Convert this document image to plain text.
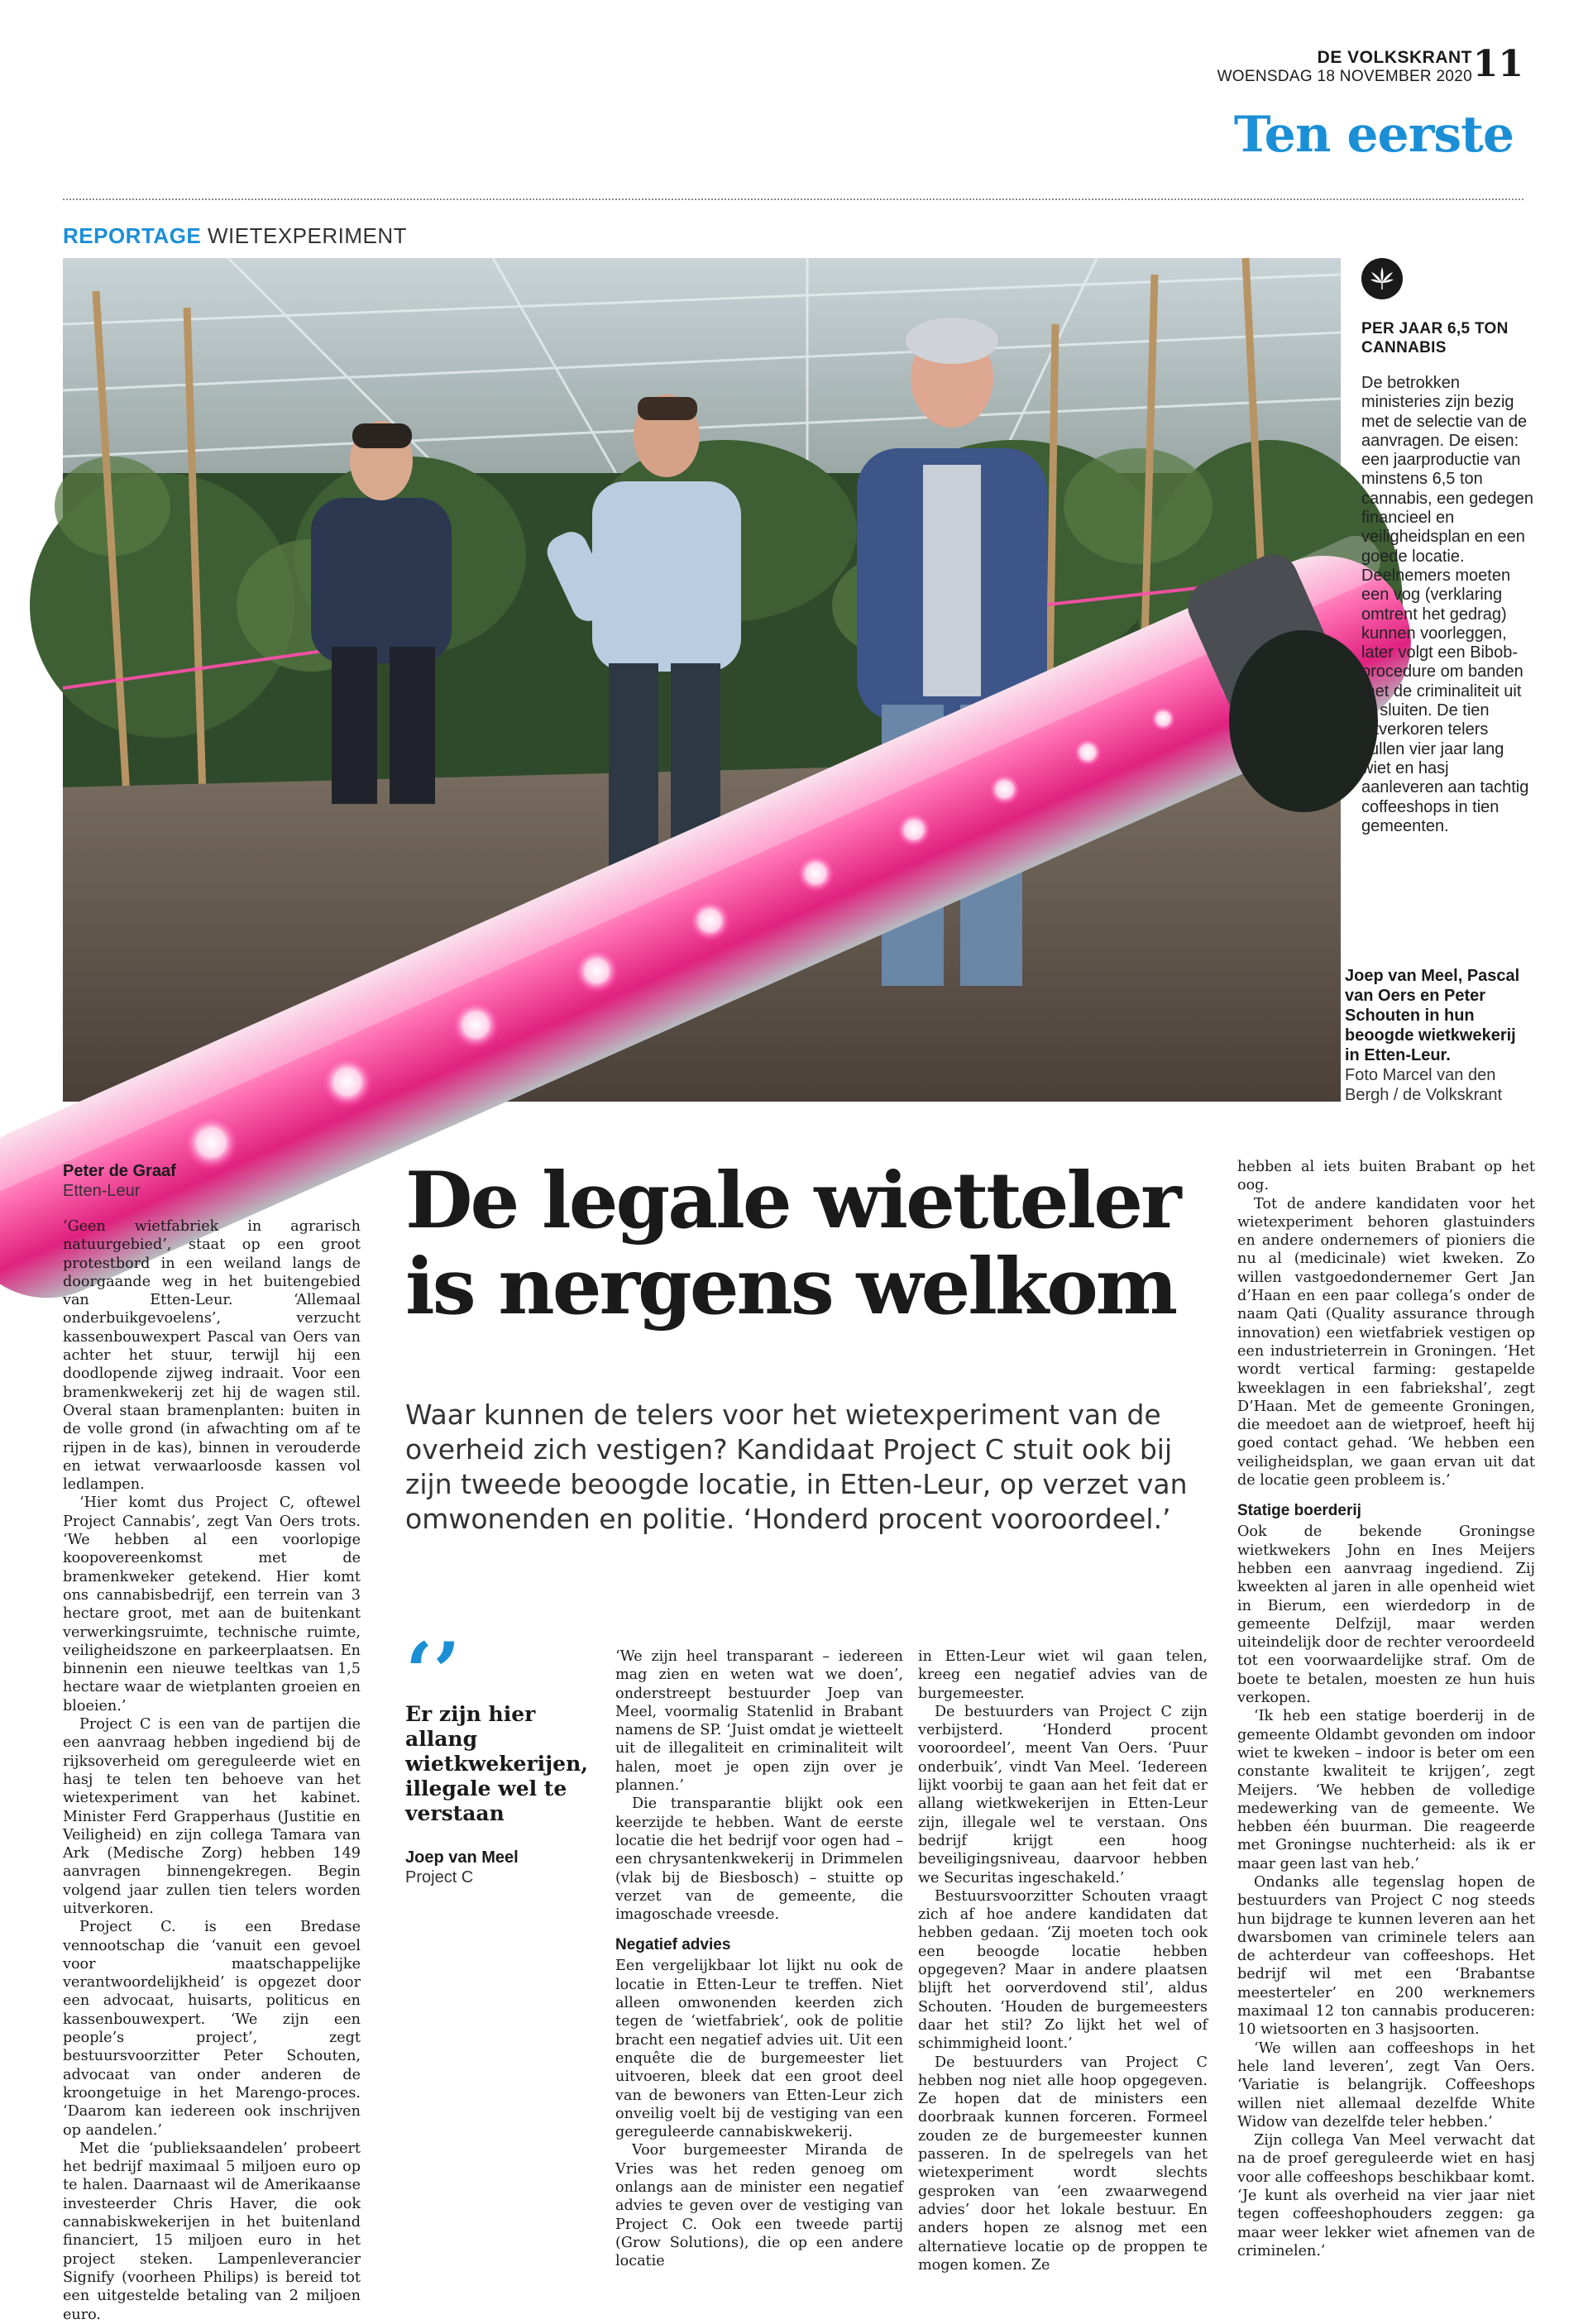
DE VOLKSKRANT
WOENSDAG 18 NOVEMBER 2020 11
Ten eerste
REPORTAGE WIETEXPERIMENT
PER JAAR 6,5 TON CANNABIS
De betrokken ministeries zijn bezig met de selectie van de aanvragen. De eisen: een jaarproductie van minstens 6,5 ton cannabis, een gedegen financieel en veiligheidsplan en een goede locatie. Deelnemers moeten een vog (verklaring omtrent het gedrag) kunnen voorleggen, later volgt een Bibob-procedure om banden met de criminaliteit uit te sluiten. De tien uitverkoren telers zullen vier jaar lang wiet en hasj aanleveren aan tachtig coffeeshops in tien gemeenten.
Joep van Meel, Pascal van Oers en Peter Schouten in hun beoogde wietkwekerij in Etten-Leur.
Foto Marcel van den Bergh / de Volkskrant
Peter de Graaf
Etten-Leur	De legale wietteler is nergens welkom
Waar kunnen de telers voor het wietexperiment van de overheid zich vestigen? Kandidaat Project C stuit ook bij zijn tweede beoogde locatie, in Etten-Leur, op verzet van omwonenden en politie. ‘Honderd procent vooroordeel.’

‘Geen wietfabriek in agrarisch natuurgebied’, staat op een groot protestbord in een weiland langs de doorgaande weg in het buitengebied van Etten-Leur. ‘Allemaal onderbuikgevoelens’, verzucht kassenbouwexpert Pascal van Oers van achter het stuur, terwijl hij een doodlopende zijweg indraait. Voor een bramenkwekerij zet hij de wagen stil. Overal staan bramenplanten: buiten in de volle grond (in afwachting om af te rijpen in de kas), binnen in verouderde en ietwat verwaarloosde kassen vol ledlampen.

‘Hier komt dus Project C, oftewel Project Cannabis’, zegt Van Oers trots. ‘We hebben al een voorlopige koopovereenkomst met de bramenkweker getekend. Hier komt ons cannabisbedrijf, een terrein van 3 hectare groot, met aan de buitenkant verwerkingsruimte, technische ruimte, veiligheidszone en parkeerplaatsen. En binnenin een nieuwe teeltkas van 1,5 hectare waar de wietplanten groeien en bloeien.’

Project C is een van de partijen die een aanvraag hebben ingediend bij de rijksoverheid om gereguleerde wiet en hasj te telen ten behoeve van het wietexperiment van het kabinet. Minister Ferd Grapperhaus (Justitie en Veiligheid) en zijn collega Tamara van Ark (Medische Zorg) hebben 149 aanvragen binnengekregen. Begin volgend jaar zullen tien telers worden uitverkoren.

Project C. is een Bredase vennootschap die ‘vanuit een gevoel voor maatschappelijke verantwoordelijkheid’ is opgezet door een advocaat, huisarts, politicus en kassenbouwexpert. ‘We zijn een people’s project’, zegt bestuursvoorzitter Peter Schouten, advocaat van onder anderen de kroongetuige in het Marengo-proces. ‘Daarom kan iedereen ook inschrijven op aandelen.’

Met die ‘publieksaandelen’ probeert het bedrijf maximaal 5 miljoen euro op te halen. Daarnaast wil de Amerikaanse investeerder Chris Haver, die ook cannabiskwekerijen in het buitenland financiert, 15 miljoen euro in het project steken. Lampenleverancier Signify (voorheen Philips) is bereid tot een uitgestelde betaling van 2 miljoen euro.

‘’
Er zijn hier allang wietkwekerijen, illegale wel te verstaan
Joep van Meel
Project C

‘We zijn heel transparant – iedereen mag zien en weten wat we doen’, onderstreept bestuurder Joep van Meel, voormalig Statenlid in Brabant namens de SP. ‘Juist omdat je wietteelt uit de illegaliteit en criminaliteit wilt halen, moet je open zijn over je plannen.’

Die transparantie blijkt ook een keerzijde te hebben. Want de eerste locatie die het bedrijf voor ogen had – een chrysantenkwekerij in Drimmelen (vlak bij de Biesbosch) – stuitte op verzet van de gemeente, die imagoschade vreesde.

Negatief advies

Een vergelijkbaar lot lijkt nu ook de locatie in Etten-Leur te treffen. Niet alleen omwonenden keerden zich tegen de ‘wietfabriek’, ook de politie bracht een negatief advies uit. Uit een enquête die de burgemeester liet uitvoeren, bleek dat een groot deel van de bewoners van Etten-Leur zich onveilig voelt bij de vestiging van een gereguleerde cannabiskwekerij.

Voor burgemeester Miranda de Vries was het reden genoeg om onlangs aan de minister een negatief advies te geven over de vestiging van Project C. Ook een tweede partij (Grow Solutions), die op een andere locatie

in Etten-Leur wiet wil gaan telen, kreeg een negatief advies van de burgemeester.

De bestuurders van Project C zijn verbijsterd. ‘Honderd procent vooroordeel’, meent Van Oers. ‘Puur onderbuik’, vindt Van Meel. ‘Iedereen lijkt voorbij te gaan aan het feit dat er allang wietkwekerijen in Etten-Leur zijn, illegale wel te verstaan. Ons bedrijf krijgt een hoog beveiligingsniveau, daarvoor hebben we Securitas ingeschakeld.’

Bestuursvoorzitter Schouten vraagt zich af hoe andere kandidaten dat hebben gedaan. ‘Zij moeten toch ook een beoogde locatie hebben opgegeven? Maar in andere plaatsen blijft het oorverdovend stil’, aldus Schouten. ‘Houden de burgemeesters daar het stil? Zo lijkt het wel of schimmigheid loont.’

De bestuurders van Project C hebben nog niet alle hoop opgegeven. Ze hopen dat de ministers een doorbraak kunnen forceren. Formeel zouden ze de burgemeester kunnen passeren. In de spelregels van het wietexperiment wordt slechts gesproken van ‘een zwaarwegend advies’ door het lokale bestuur. En anders hopen ze alsnog met een alternatieve locatie op de proppen te mogen komen. Ze

hebben al iets buiten Brabant op het oog.

Tot de andere kandidaten voor het wietexperiment behoren glastuinders en andere ondernemers of pioniers die nu al (medicinale) wiet kweken. Zo willen vastgoedondernemer Gert Jan d’Haan en een paar collega’s onder de naam Qati (Quality assurance through innovation) een wietfabriek vestigen op een industrieterrein in Groningen. ‘Het wordt vertical farming: gestapelde kweeklagen in een fabriekshal’, zegt D’Haan. Met de gemeente Groningen, die meedoet aan de wietproef, heeft hij goed contact gehad. ‘We hebben een veiligheidsplan, we gaan ervan uit dat de locatie geen probleem is.’

Statige boerderij

Ook de bekende Groningse wietkwekers John en Ines Meijers hebben een aanvraag ingediend. Zij kweekten al jaren in alle openheid wiet in Bierum, een wierdedorp in de gemeente Delfzijl, maar werden uiteindelijk door de rechter veroordeeld tot een voorwaardelijke straf. Om de boete te betalen, moesten ze hun huis verkopen.

‘Ik heb een statige boerderij in de gemeente Oldambt gevonden om indoor wiet te kweken – indoor is beter om een constante kwaliteit te krijgen’, zegt Meijers. ‘We hebben de volledige medewerking van de gemeente. We hebben één buurman. Die reageerde met Groningse nuchterheid: als ik er maar geen last van heb.’

Ondanks alle tegenslag hopen de bestuurders van Project C nog steeds hun bijdrage te kunnen leveren aan het dwarsbomen van criminele telers aan de achterdeur van coffeeshops. Het bedrijf wil met een ‘Brabantse meesterteler’ en 200 werknemers maximaal 12 ton cannabis produceren: 10 wietsoorten en 3 hasjsoorten.

‘We willen aan coffeeshops in het hele land leveren’, zegt Van Oers. ‘Variatie is belangrijk. Coffeeshops willen niet allemaal dezelfde White Widow van dezelfde teler hebben.’

Zijn collega Van Meel verwacht dat na de proef gereguleerde wiet en hasj voor alle coffeeshops beschikbaar komt. ‘Je kunt als overheid na vier jaar niet tegen coffeeshophouders zeggen: ga maar weer lekker wiet afnemen van de criminelen.’
